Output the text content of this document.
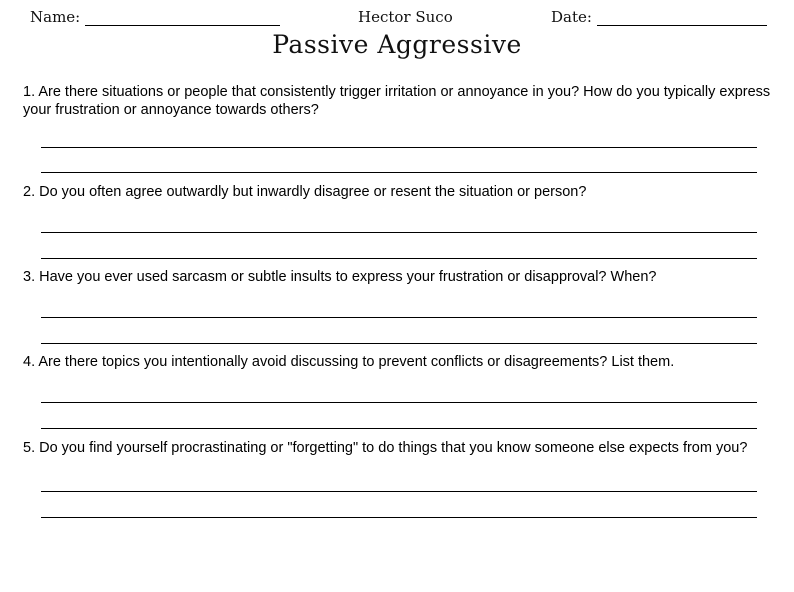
Name:	Hector Suco	Date:
Passive Aggressive
1. Are there situations or people that consistently trigger irritation or annoyance in you? How do you typically express your frustration or annoyance towards others?
2. Do you often agree outwardly but inwardly disagree or resent the situation or person?
3. Have you ever used sarcasm or subtle insults to express your frustration or disapproval? When?
4. Are there topics you intentionally avoid discussing to prevent conflicts or disagreements? List them.
5. Do you find yourself procrastinating or "forgetting" to do things that you know someone else expects from you?
